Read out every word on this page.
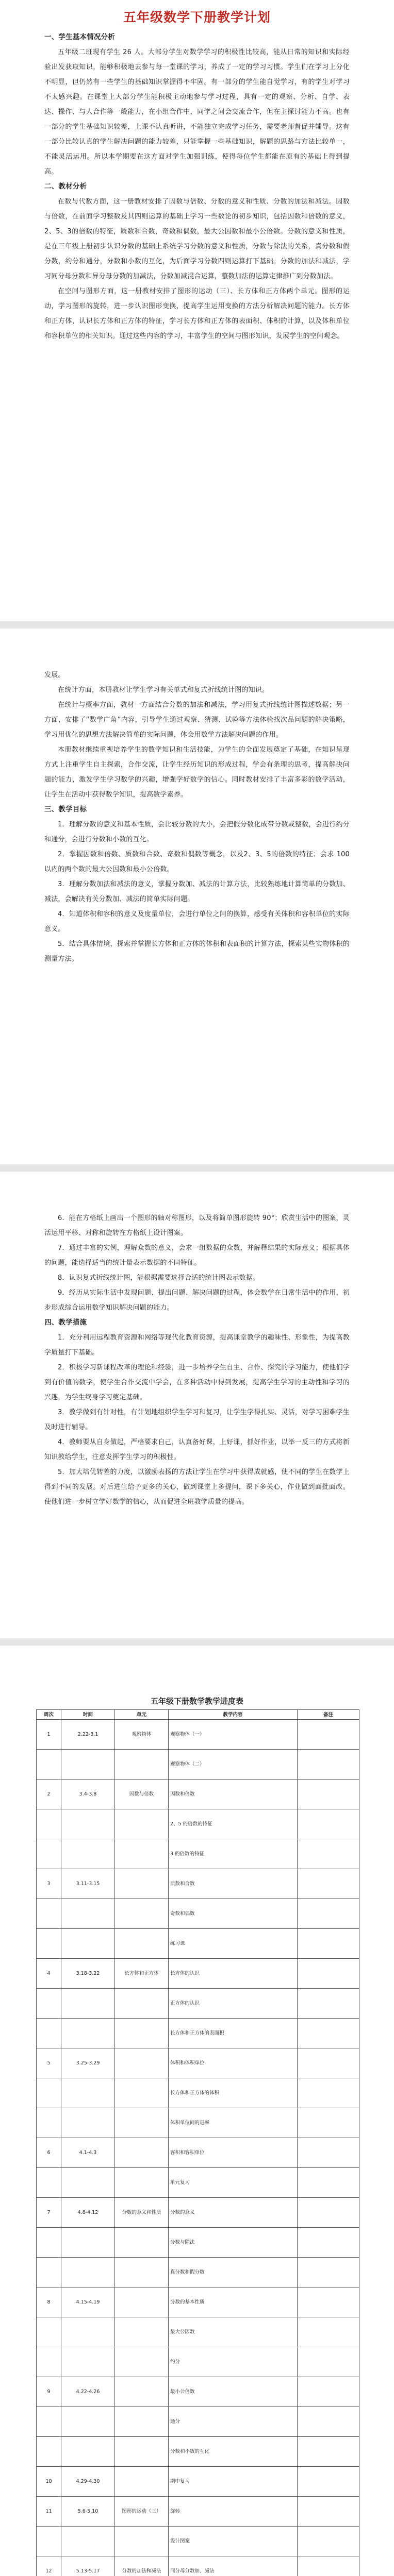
五年级数学下册教学计划
一、学生基本情况分析

五年级二班现有学生 26 人。大部分学生对数学学习的积极性比较高，能从日常的知识和实际经验出发获取知识，能够积极地去参与每一堂课的学习，养成了一定的学习习惯。学生们在学习上分化不明显，但仍然有一些学生的基础知识掌握得不牢固。有一部分的学生能自觉学习，有的学生对学习不太感兴趣。在课堂上大部分学生能积极主动地参与学习过程，具有一定的观察、分析、自学、表达、操作、与人合作等一般能力，在小组合作中，同学之间会交流合作，但在主探讨能力不高。也有一部分的学生基础知识较差，上课不认真听讲，不能独立完成学习任务，需要老师督促并辅导。这有一部分比较认真的学生解决问题的能力较差，只能掌握一些基础知识，解题的思路与方法比较单一，不能灵活运用。所以本学期要在这方面对学生加强训练，使得每位学生都能在原有的基础上得到提高。

二、教材分析

在数与代数方面，这一册教材安排了因数与倍数、分数的意义和性质、分数的加法和减法。因数与倍数，在前面学习整数及其四则运算的基础上学习一些数论的初步知识，包括因数和倍数的意义，2、5、3的倍数的特征，质数和合数，奇数和偶数，最大公因数和最小公倍数。分数的意义和性质，是在三年级上册初步认识分数的基础上系统学习分数的意义和性质，分数与除法的关系，真分数和假分数，约分和通分，分数和小数的互化，为后面学习分数四则运算打下基础。分数的加法和减法，学习同分母分数和异分母分数的加减法，分数加减混合运算，整数加法的运算定律推广到分数加法。

在空间与图形方面，这一册教材安排了图形的运动（三）、长方体和正方体两个单元。图形的运动，学习图形的旋转，进一步认识图形变换，提高学生运用变换的方法分析解决问题的能力。长方体和正方体，认识长方体和正方体的特征，学习长方体和正方体的表面积、体积的计算，以及体积单位和容积单位的相关知识。通过这些内容的学习，丰富学生的空间与图形知识，发展学生的空间观念。

发展。

在统计方面，本册教材让学生学习有关单式和复式折线统计图的知识。

在统计与概率方面，教材一方面结合分数的加法和减法，学习用复式折线统计图描述数据；另一方面，安排了“数学广角”内容，引导学生通过观察、猜测、试验等方法体验找次品问题的解决策略，学习用优化的思想方法解决简单的实际问题，体会用数学方法解决问题的作用。

本册教材继续重视培养学生的数学知识和生活技能，为学生的全面发展奠定了基础，在知识呈现方式上注重学生自主探索，合作交流，让学生经历知识的形成过程，学会有条理的思考，提高解决问题的能力，激发学生学习数学的兴趣，增强学好数学的信心。同时教材安排了丰富多彩的数学活动，让学生在活动中获得数学知识，提高数学素养。

三、教学目标

1．理解分数的意义和基本性质，会比较分数的大小，会把假分数化成带分数或整数，会进行约分和通分，会进行分数和小数的互化。

2．掌握因数和倍数、质数和合数、奇数和偶数等概念，以及2、3、5的倍数的特征；会求 100 以内的两个数的最大公因数和最小公倍数。

3．理解分数加法和减法的意义，掌握分数加、减法的计算方法，比较熟练地计算简单的分数加、减法，会解决有关分数加、减法的简单实际问题。

4．知道体积和容积的意义及度量单位，会进行单位之间的换算，感受有关体积和容积单位的实际意义。

5．结合具体情境，探索并掌握长方体和正方体的体积和表面积的计算方法，探索某些实物体积的测量方法。

6．能在方格纸上画出一个图形的轴对称图形，以及将简单图形旋转 90°；欣赏生活中的图案，灵活运用平移、对称和旋转在方格纸上设计图案。

7．通过丰富的实例，理解众数的意义，会求一组数据的众数，并解释结果的实际意义；根据具体的问题，能选择适当的统计量表示数据的不同特征。

8．认识复式折线统计图，能根据需要选择合适的统计图表示数据。

9．经历从实际生活中发现问题、提出问题、解决问题的过程，体会数学在日常生活中的作用，初步形成综合运用数学知识解决问题的能力。

四、教学措施

1．充分利用远程教育资源和网络等现代化教育资源，提高课堂教学的趣味性、形象性，为提高教学质量打下基础。

2．积极学习新课程改革的理论和经验，进一步培养学生自主、合作、探究的学习能力，使他们学到有价值的数学，使学生合作交流中学会，在多种活动中得到发展，提高学生学习的主动性和学习的兴趣，为学生终身学习奠定基础。

3．教学做到有针对性，有计划地组织学生学习和复习，让学生学得扎实、灵活，对学习困难学生及时进行辅导。

4．教师要从自身做起，严格要求自己，认真备好课，上好课，抓好作业，以举一反三的方式将新知识教给学生，注意发挥学生学习的积极性。

5．加大培优转差的力度，以激励表扬的方法让学生在学习中获得成就感，使不同的学生在数学上得到不同的发展。对后进生给予更多的关心，做到课堂上多提问，课下多关心，作业做到面批面改。使他们进一步树立学好数学的信心，从而促进全班教学质量的提高。

五年级下册数学教学进度表
周次	时间	单元	教学内容	备注
1	2.22-3.1	观察物体	观察物体（一）	
			观察物体（二）	
2	3.4-3.8	因数与倍数	因数和倍数	
			2、5 的倍数的特征	
			3 的倍数的特征	
3	3.11-3.15		质数和合数	
			奇数和偶数	
			练习课	
4	3.18-3.22	长方体和正方体	长方体的认识	
			正方体的认识	
			长方体和正方体的表面积	
5	3.25-3.29		体积和体积单位	
			长方体和正方体的体积	
			体积单位间的进率	
6	4.1-4.3		容积和容积单位	
			单元复习	
7	4.8-4.12	分数的意义和性质	分数的意义	
			分数与除法	
			真分数和假分数	
8	4.15-4.19		分数的基本性质	
			最大公因数	
			约分	
9	4.22-4.26		最小公倍数	
			通分	
			分数和小数的互化	
10	4.29-4.30		期中复习	
11	5.6-5.10	图形的运动（三）	旋转	
			设计图案	
12	5.13-5.17	分数的加法和减法	同分母分数加、减法	
